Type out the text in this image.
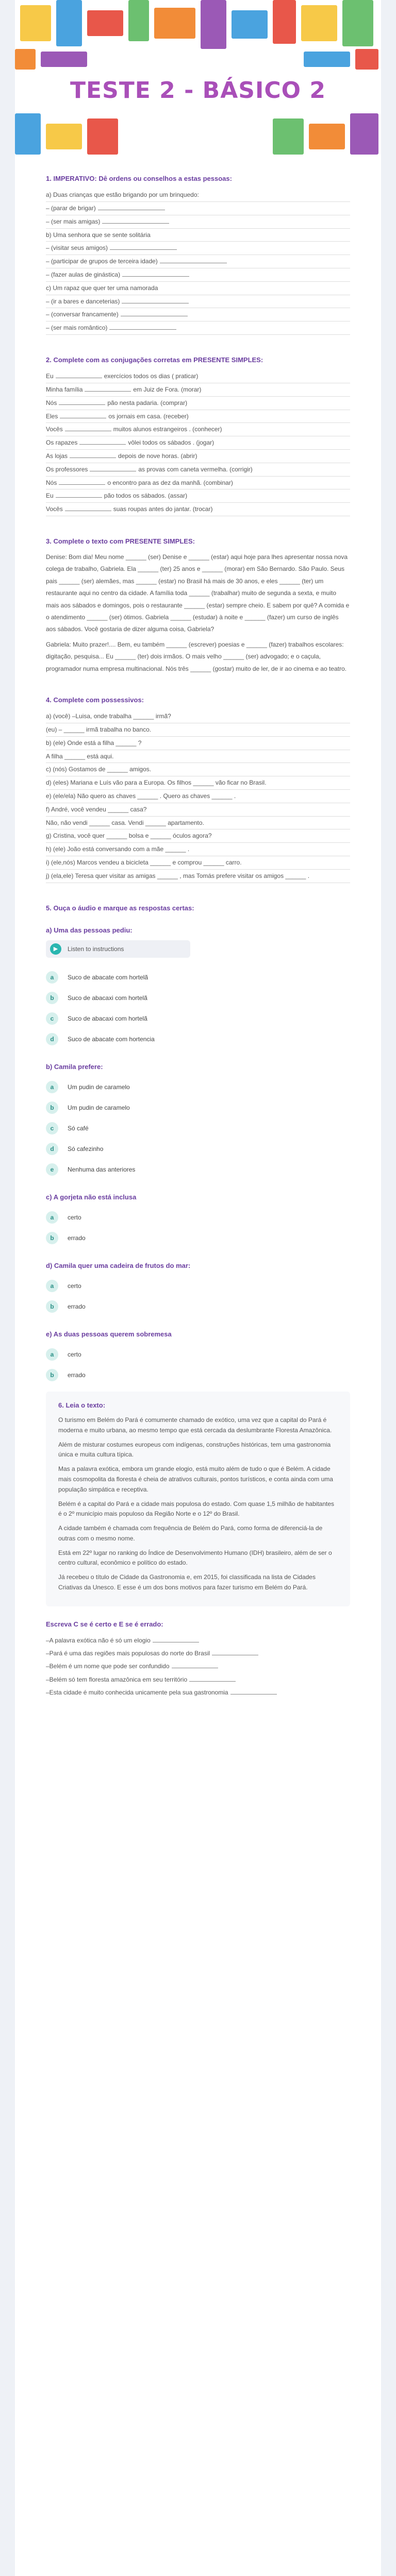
TESTE 2 - BÁSICO 2
1. IMPERATIVO: Dê ordens ou conselhos a estas pessoas:
a) Duas crianças que estão brigando por um brinquedo:
– (parar de brigar)
– (ser mais amigas)
b) Uma senhora que se sente solitária
– (visitar seus amigos)
– (participar de grupos de terceira idade)
– (fazer aulas de ginástica)
c) Um rapaz que quer ter uma namorada
– (ir a bares e danceterias)
– (conversar francamente)
– (ser mais romântico)
2. Complete com as conjugações corretas em PRESENTE SIMPLES:
Eu	exercícios todos os dias ( praticar)
Minha família	em Juiz de Fora. (morar)
Nós	pão nesta padaria. (comprar)
Eles	os jornais em casa. (receber)
Vocês	muitos alunos estrangeiros . (conhecer)
Os rapazes	vôlei todos os sábados . (jogar)
As lojas	depois de nove horas. (abrir)
Os professores	as provas com caneta vermelha. (corrigir)
Nós	o encontro para as dez da manhã. (combinar)
Eu	pão todos os sábados. (assar)
Vocês	suas roupas antes do jantar. (trocar)
3. Complete o texto com PRESENTE SIMPLES:
Denise: Bom dia! Meu nome ______ (ser) Denise e ______ (estar) aqui hoje para lhes apresentar nossa nova colega de trabalho, Gabriela. Ela ______ (ter) 25 anos e ______ (morar) em São Bernardo. São Paulo. Seus pais ______ (ser) alemães, mas ______ (estar) no Brasil há mais de 30 anos, e eles ______ (ter) um restaurante aqui no centro da cidade. A família toda ______ (trabalhar) muito de segunda a sexta, e muito mais aos sábados e domingos, pois o restaurante ______ (estar) sempre cheio. E sabem por quê? A comida e o atendimento ______ (ser) ótimos. Gabriela ______ (estudar) à noite e ______ (fazer) um curso de inglês aos sábados. Você gostaria de dizer alguma coisa, Gabriela?
Gabriela: Muito prazer!.... Bem, eu também ______ (escrever) poesias e ______ (fazer) trabalhos escolares: digitação, pesquisa... Eu ______ (ter) dois irmãos. O mais velho ______ (ser) advogado; e o caçula, programador numa empresa multinacional. Nós três ______ (gostar) muito de ler, de ir ao cinema e ao teatro.
4. Complete com possessivos:
a) (você) –Luisa, onde trabalha ______ irmã?
(eu) – ______ irmã trabalha no banco.
b) (ele) Onde está a filha ______ ?
A filha ______ está aqui.
c) (nós) Gostamos de ______ amigos.
d) (eles) Mariana e Luís vão para a Europa. Os filhos ______ vão ficar no Brasil.
e) (ele/ela) Não quero as chaves ______ . Quero as chaves ______ .
f) André, você vendeu ______ casa?
Não, não vendi ______ casa. Vendi ______ apartamento.
g) Cristina, você quer ______ bolsa e ______ óculos agora?
h) (ele) João está conversando com a mãe ______ .
i) (ele,nós) Marcos vendeu a bicicleta ______ e comprou ______ carro.
j) (ela,ele) Teresa quer visitar as amigas ______ , mas Tomás prefere visitar os amigos ______ .
5. Ouça o áudio e marque as respostas certas:
a) Uma das pessoas pediu:
▶	Listen to instructions
a	Suco de abacate com hortelã
b	Suco de abacaxi com hortelã
c	Suco de abacaxi com hortelã
d	Suco de abacate com hortencia
b) Camila prefere:
a	Um pudin de caramelo
b	Um pudin de caramelo
c	Só café
d	Só cafezinho
e	Nenhuma das anteriores
c) A gorjeta não está inclusa
a	certo
b	errado
d) Camila quer uma cadeira de frutos do mar:
a	certo
b	errado
e) As duas pessoas querem sobremesa
a	certo
b	errado
6. Leia o texto:

O turismo em Belém do Pará é comumente chamado de exótico, uma vez que a capital do Pará é moderna e muito urbana, ao mesmo tempo que está cercada da deslumbrante Floresta Amazônica.

Além de misturar costumes europeus com indígenas, construções históricas, tem uma gastronomia única e muita cultura típica.

Mas a palavra exótica, embora um grande elogio, está muito além de tudo o que é Belém. A cidade mais cosmopolita da floresta é cheia de atrativos culturais, pontos turísticos, e conta ainda com uma população simpática e receptiva.

Belém é a capital do Pará e a cidade mais populosa do estado. Com quase 1,5 milhão de habitantes é o 2º município mais populoso da Região Norte e o 12º do Brasil.

A cidade também é chamada com frequência de Belém do Pará, como forma de diferenciá-la de outras com o mesmo nome.

Está em 22º lugar no ranking do Índice de Desenvolvimento Humano (IDH) brasileiro, além de ser o centro cultural, econômico e político do estado.

Já recebeu o título de Cidade da Gastronomia e, em 2015, foi classificada na lista de Cidades Criativas da Unesco. E esse é um dos bons motivos para fazer turismo em Belém do Pará.

Escreva C se é certo e E se é errado:
–A palavra exótica não é só um elogio
–Pará é uma das regiões mais populosas do norte do Brasil
–Belém é um nome que pode ser confundido
–Belém só tem floresta amazônica em seu território
–Esta cidade é muito conhecida unicamente pela sua gastronomia
